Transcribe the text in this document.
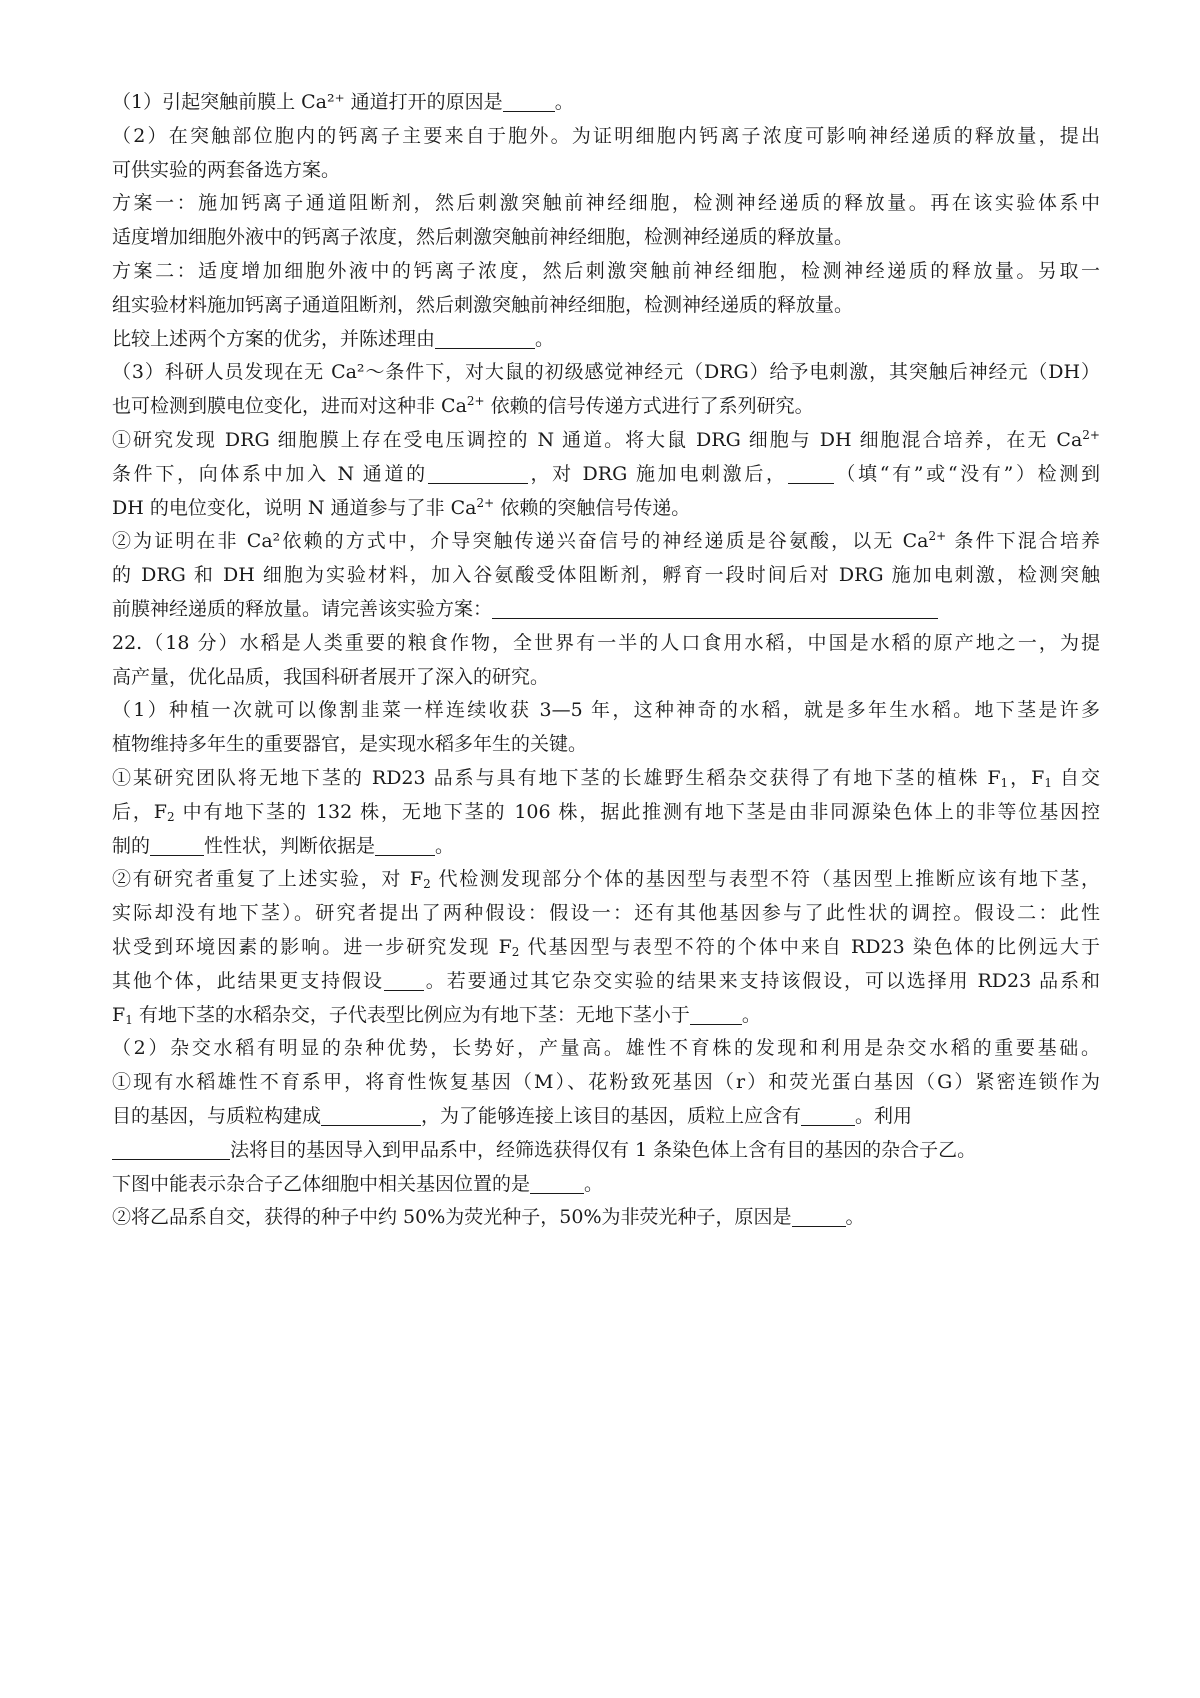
（1）引起突触前膜上 Ca²⁺ 通道打开的原因是	。
（2）在突触部位胞内的钙离子主要来自于胞外。为证明细胞内钙离子浓度可影响神经递质的释放量，提出
可供实验的两套备选方案。
方案一：施加钙离子通道阻断剂，然后刺激突触前神经细胞，检测神经递质的释放量。再在该实验体系中
适度增加细胞外液中的钙离子浓度，然后刺激突触前神经细胞，检测神经递质的释放量。
方案二：适度增加细胞外液中的钙离子浓度，然后刺激突触前神经细胞，检测神经递质的释放量。另取一
组实验材料施加钙离子通道阻断剂，然后刺激突触前神经细胞，检测神经递质的释放量。
比较上述两个方案的优劣，并陈述理由	。
（3）科研人员发现在无 Ca²～条件下，对大鼠的初级感觉神经元（DRG）给予电刺激，其突触后神经元（DH）
也可检测到膜电位变化，进而对这种非 $Ca^{2+}$ 依赖的信号传递方式进行了系列研究。
①研究发现 DRG 细胞膜上存在受电压调控的 N 通道。将大鼠 DRG 细胞与 DH 细胞混合培养，在无 $Ca^{2+}$
条件下，向体系中加入 N 通道的	，对 DRG 施加电刺激后， （填“有”或“没有”）检测到
DH 的电位变化，说明 N 通道参与了非 $Ca^{2+}$ 依赖的突触信号传递。
②为证明在非 Ca²依赖的方式中，介导突触传递兴奋信号的神经递质是谷氨酸，以无 $Ca^{2+}$ 条件下混合培养
的 DRG 和 DH 细胞为实验材料，加入谷氨酸受体阻断剂，孵育一段时间后对 DRG 施加电刺激，检测突触
前膜神经递质的释放量。请完善该实验方案：
22.（18 分）水稻是人类重要的粮食作物，全世界有一半的人口食用水稻，中国是水稻的原产地之一，为提
高产量，优化品质，我国科研者展开了深入的研究。
（1）种植一次就可以像割韭菜一样连续收获 3—5 年，这种神奇的水稻，就是多年生水稻。地下茎是许多
植物维持多年生的重要器官，是实现水稻多年生的关键。
①某研究团队将无地下茎的 RD23 品系与具有地下茎的长雄野生稻杂交获得了有地下茎的植株 $F_1$，$F_1$ 自交
后，$F_2$ 中有地下茎的 132 株，无地下茎的 106 株，据此推测有地下茎是由非同源染色体上的非等位基因控
制的	性性状，判断依据是	。
②有研究者重复了上述实验，对 $F_2$ 代检测发现部分个体的基因型与表型不符（基因型上推断应该有地下茎，
实际却没有地下茎）。研究者提出了两种假设：假设一：还有其他基因参与了此性状的调控。假设二：此性
状受到环境因素的影响。进一步研究发现 $F_2$ 代基因型与表型不符的个体中来自 RD23 染色体的比例远大于
其他个体，此结果更支持假设 。若要通过其它杂交实验的结果来支持该假设，可以选择用 RD23 品系和
$F_1$ 有地下茎的水稻杂交，子代表型比例应为有地下茎：无地下茎小于	。
（2）杂交水稻有明显的杂种优势，长势好，产量高。雄性不育株的发现和利用是杂交水稻的重要基础。
①现有水稻雄性不育系甲，将育性恢复基因（M）、花粉致死基因（r）和荧光蛋白基因（G）紧密连锁作为
目的基因，与质粒构建成	，为了能够连接上该目的基因，质粒上应含有	。利用
法将目的基因导入到甲品系中，经筛选获得仅有 1 条染色体上含有目的基因的杂合子乙。
下图中能表示杂合子乙体细胞中相关基因位置的是	。
②将乙品系自交，获得的种子中约 50%为荧光种子，50%为非荧光种子，原因是	。
